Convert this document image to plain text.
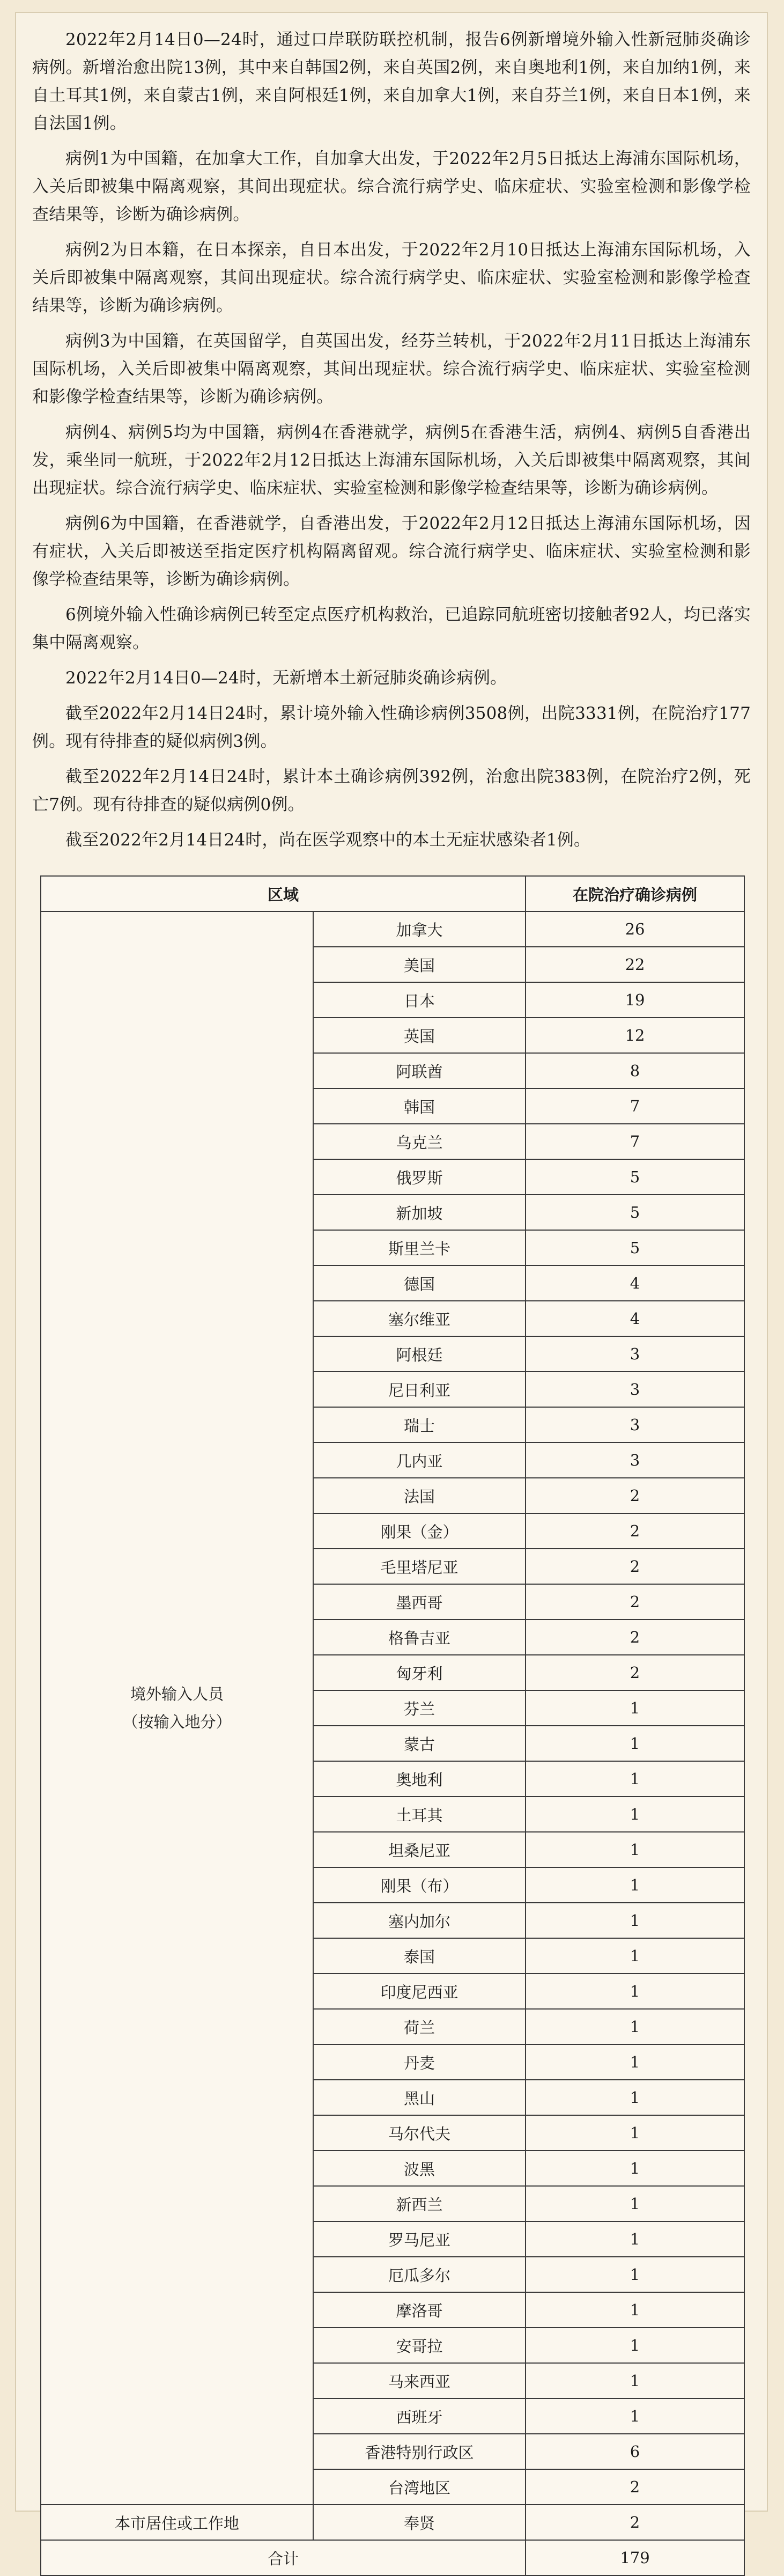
2022年2月14日0—24时，通过口岸联防联控机制，报告6例新增境外输入性新冠肺炎确诊病例。新增治愈出院13例，其中来自韩国2例，来自英国2例，来自奥地利1例，来自加纳1例，来自土耳其1例，来自蒙古1例，来自阿根廷1例，来自加拿大1例，来自芬兰1例，来自日本1例，来自法国1例。

病例1为中国籍，在加拿大工作，自加拿大出发，于2022年2月5日抵达上海浦东国际机场，入关后即被集中隔离观察，其间出现症状。综合流行病学史、临床症状、实验室检测和影像学检查结果等，诊断为确诊病例。

病例2为日本籍，在日本探亲，自日本出发，于2022年2月10日抵达上海浦东国际机场，入关后即被集中隔离观察，其间出现症状。综合流行病学史、临床症状、实验室检测和影像学检查结果等，诊断为确诊病例。

病例3为中国籍，在英国留学，自英国出发，经芬兰转机，于2022年2月11日抵达上海浦东国际机场，入关后即被集中隔离观察，其间出现症状。综合流行病学史、临床症状、实验室检测和影像学检查结果等，诊断为确诊病例。

病例4、病例5均为中国籍，病例4在香港就学，病例5在香港生活，病例4、病例5自香港出发，乘坐同一航班，于2022年2月12日抵达上海浦东国际机场，入关后即被集中隔离观察，其间出现症状。综合流行病学史、临床症状、实验室检测和影像学检查结果等，诊断为确诊病例。

病例6为中国籍，在香港就学，自香港出发，于2022年2月12日抵达上海浦东国际机场，因有症状，入关后即被送至指定医疗机构隔离留观。综合流行病学史、临床症状、实验室检测和影像学检查结果等，诊断为确诊病例。

6例境外输入性确诊病例已转至定点医疗机构救治，已追踪同航班密切接触者92人，均已落实集中隔离观察。

2022年2月14日0—24时，无新增本土新冠肺炎确诊病例。

截至2022年2月14日24时，累计境外输入性确诊病例3508例，出院3331例，在院治疗177例。现有待排查的疑似病例3例。

截至2022年2月14日24时，累计本土确诊病例392例，治愈出院383例，在院治疗2例，死亡7例。现有待排查的疑似病例0例。

截至2022年2月14日24时，尚在医学观察中的本土无症状感染者1例。

区域		在院治疗确诊病例

境外输入人员
（按输入地分）	加拿大	26
	美国	22
	日本	19
	英国	12
	阿联酋	8
	韩国	7
	乌克兰	7
	俄罗斯	5
	新加坡	5
	斯里兰卡	5
	德国	4
	塞尔维亚	4
	阿根廷	3
	尼日利亚	3
	瑞士	3
	几内亚	3
	法国	2
	刚果（金）	2
	毛里塔尼亚	2
	墨西哥	2
	格鲁吉亚	2
	匈牙利	2
	芬兰	1
	蒙古	1
	奥地利	1
	土耳其	1
	坦桑尼亚	1
	刚果（布）	1
	塞内加尔	1
	泰国	1
	印度尼西亚	1
	荷兰	1
	丹麦	1
	黑山	1
	马尔代夫	1
	波黑	1
	新西兰	1
	罗马尼亚	1
	厄瓜多尔	1
	摩洛哥	1
	安哥拉	1
	马来西亚	1
	西班牙	1
	香港特别行政区	6
	台湾地区	2
本市居住或工作地	奉贤	2
合计		179
